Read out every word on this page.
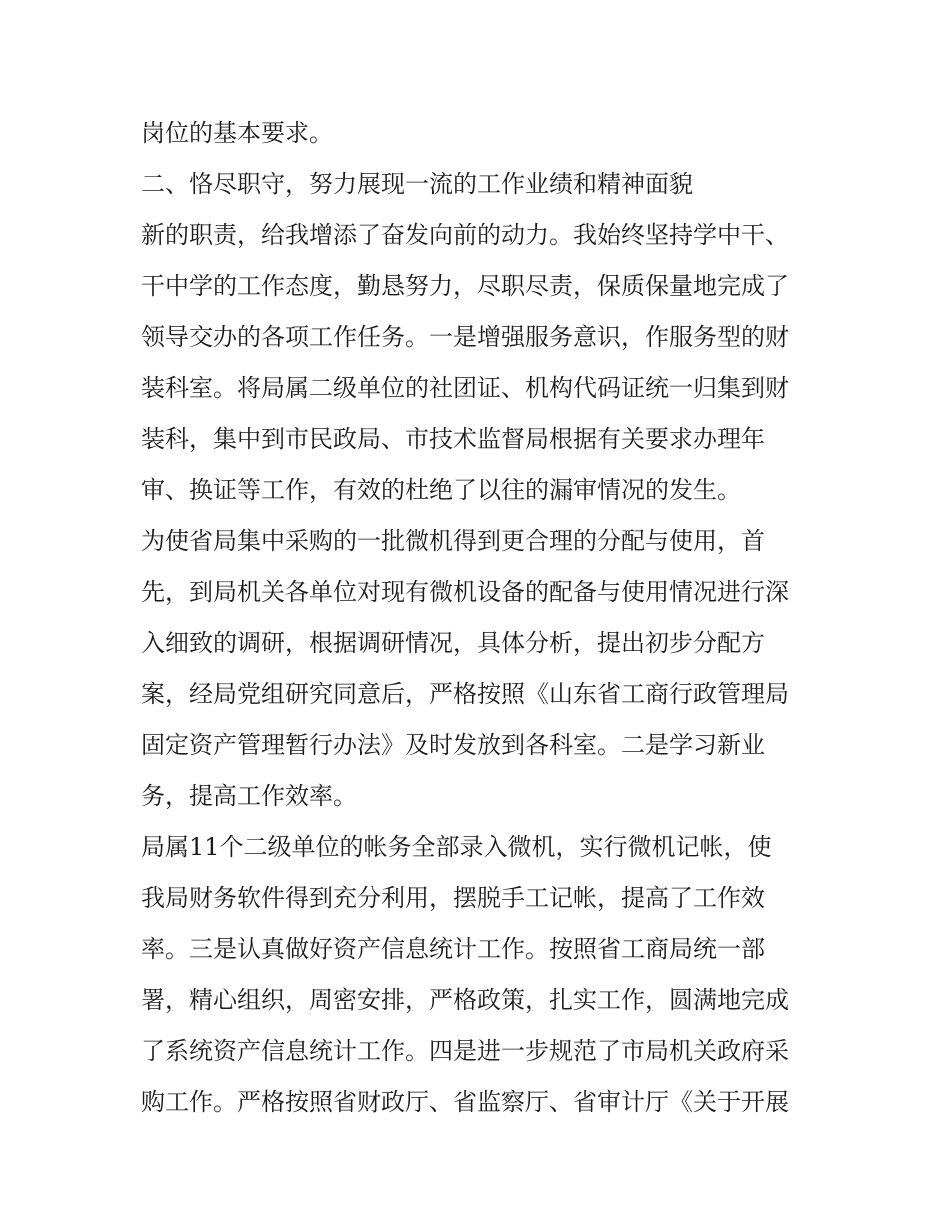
岗位的基本要求。
二、恪尽职守，努力展现一流的工作业绩和精神面貌
新的职责，给我增添了奋发向前的动力。我始终坚持学中干、
干中学的工作态度，勤恳努力，尽职尽责，保质保量地完成了
领导交办的各项工作任务。一是增强服务意识，作服务型的财
装科室。将局属二级单位的社团证、机构代码证统一归集到财
装科，集中到市民政局、市技术监督局根据有关要求办理年
审、换证等工作，有效的杜绝了以往的漏审情况的发生。
为使省局集中采购的一批微机得到更合理的分配与使用，首
先，到局机关各单位对现有微机设备的配备与使用情况进行深
入细致的调研，根据调研情况，具体分析，提出初步分配方
案，经局党组研究同意后，严格按照《山东省工商行政管理局
固定资产管理暂行办法》及时发放到各科室。二是学习新业
务，提高工作效率。
局属11个二级单位的帐务全部录入微机，实行微机记帐，使
我局财务软件得到充分利用，摆脱手工记帐，提高了工作效
率。三是认真做好资产信息统计工作。按照省工商局统一部
署，精心组织，周密安排，严格政策，扎实工作，圆满地完成
了系统资产信息统计工作。四是进一步规范了市局机关政府采
购工作。严格按照省财政厅、省监察厅、省审计厅《关于开展
